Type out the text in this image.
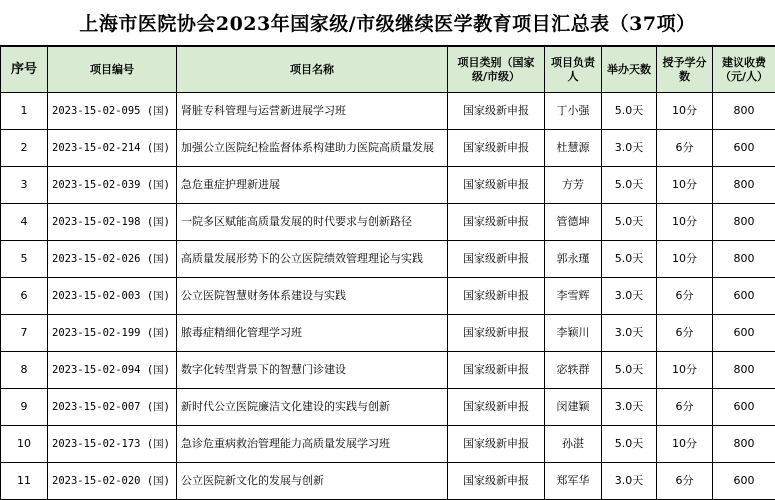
上海市医院协会2023年国家级/市级继续医学教育项目汇总表（37项）
序号	项目编号	项目名称	项目类别（国家级/市级）	项目负责人	举办天数	授予学分数	建议收费（元/人）
1	2023-15-02-095 (国)	肾脏专科管理与运营新进展学习班	国家级新申报	丁小强	5.0天	10分	800
2	2023-15-02-214 (国)	加强公立医院纪检监督体系构建助力医院高质量发展	国家级新申报	杜慧源	3.0天	6分	600
3	2023-15-02-039 (国)	急危重症护理新进展	国家级新申报	方芳	5.0天	10分	800
4	2023-15-02-198 (国)	一院多区赋能高质量发展的时代要求与创新路径	国家级新申报	管德坤	5.0天	10分	800
5	2023-15-02-026 (国)	高质量发展形势下的公立医院绩效管理理论与实践	国家级新申报	郭永瑾	5.0天	10分	800
6	2023-15-02-003 (国)	公立医院智慧财务体系建设与实践	国家级新申报	李雪辉	3.0天	6分	600
7	2023-15-02-199 (国)	脓毒症精细化管理学习班	国家级新申报	李颖川	3.0天	6分	600
8	2023-15-02-094 (国)	数字化转型背景下的智慧门诊建设	国家级新申报	宓轶群	5.0天	10分	800
9	2023-15-02-007 (国)	新时代公立医院廉洁文化建设的实践与创新	国家级新申报	闵建颖	3.0天	6分	600
10	2023-15-02-173 (国)	急诊危重病救治管理能力高质量发展学习班	国家级新申报	孙湛	5.0天	10分	800
11	2023-15-02-020 (国)	公立医院新文化的发展与创新	国家级新申报	郑军华	3.0天	6分	600
